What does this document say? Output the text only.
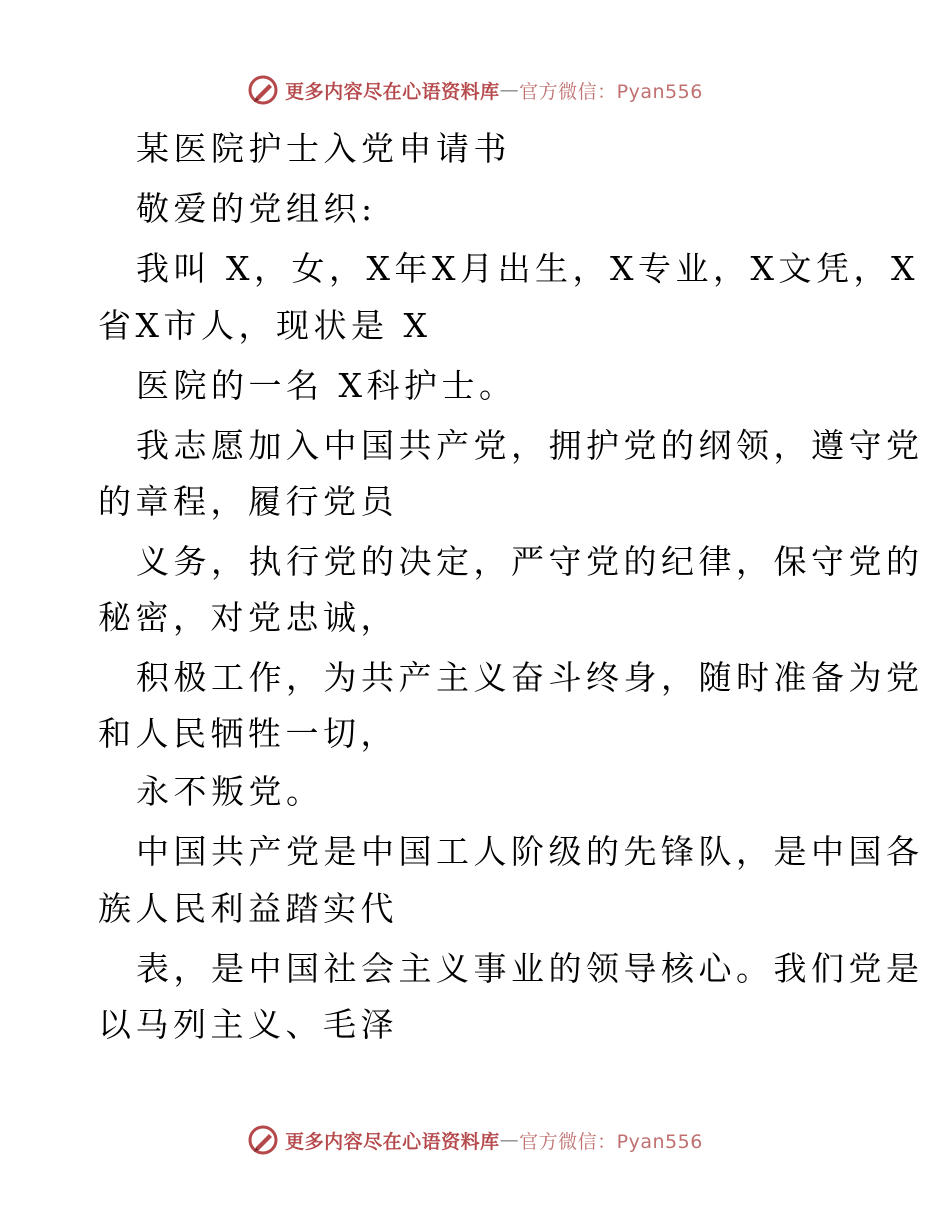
更多内容尽在心语资料库 — 官方微信：Pyan556
某医院护士入党申请书
敬爱的党组织:
我叫 X，女，X年X月出生，X专业，X文凭，X
省X市人，现状是 X
医院的一名 X科护士。
我志愿加入中国共产党，拥护党的纲领，遵守党
的章程，履行党员
义务，执行党的决定，严守党的纪律，保守党的
秘密，对党忠诚，
积极工作，为共产主义奋斗终身，随时准备为党
和人民牺牲一切，
永不叛党。
中国共产党是中国工人阶级的先锋队，是中国各
族人民利益踏实代
表，是中国社会主义事业的领导核心。我们党是
以马列主义、毛泽
更多内容尽在心语资料库 — 官方微信：Pyan556
